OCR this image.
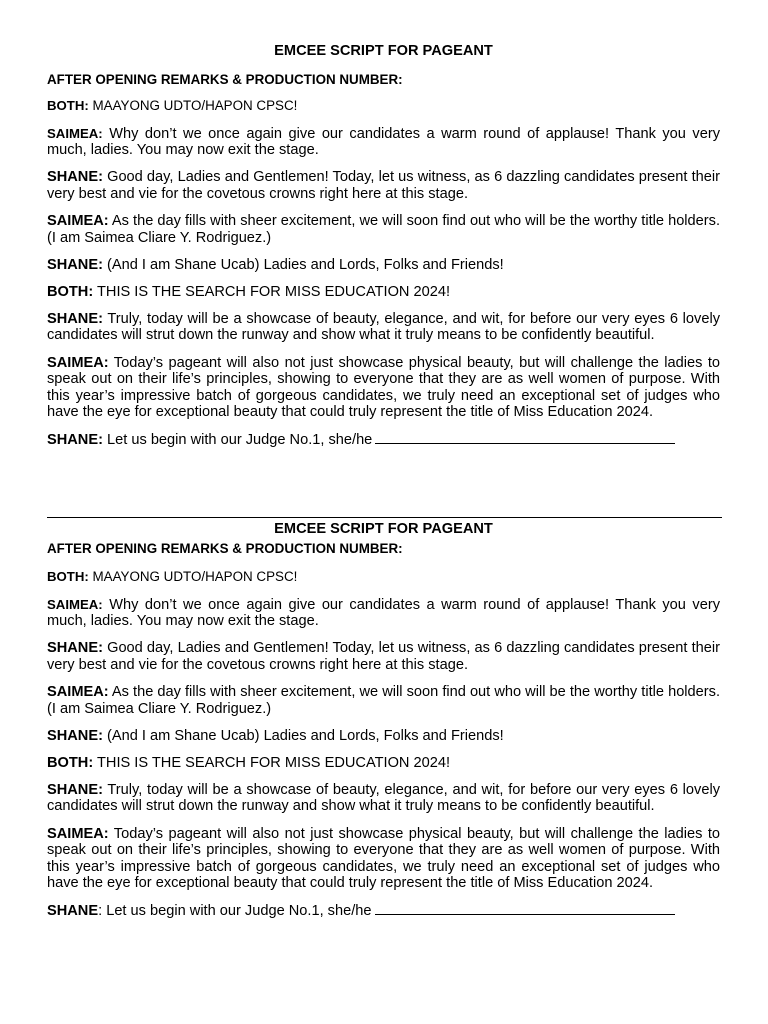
EMCEE SCRIPT FOR PAGEANT
AFTER OPENING REMARKS & PRODUCTION NUMBER:

BOTH: MAAYONG UDTO/HAPON CPSC!

SAIMEA: Why don’t we once again give our candidates a warm round of applause! Thank you very much, ladies. You may now exit the stage.

SHANE: Good day, Ladies and Gentlemen! Today, let us witness, as 6 dazzling candidates present their very best and vie for the covetous crowns right here at this stage.

SAIMEA: As the day fills with sheer excitement, we will soon find out who will be the worthy title holders. (I am Saimea Cliare Y. Rodriguez.)

SHANE: (And I am Shane Ucab) Ladies and Lords, Folks and Friends!

BOTH: THIS IS THE SEARCH FOR MISS EDUCATION 2024!

SHANE: Truly, today will be a showcase of beauty, elegance, and wit, for before our very eyes 6 lovely candidates will strut down the runway and show what it truly means to be confidently beautiful.

SAIMEA: Today’s pageant will also not just showcase physical beauty, but will challenge the ladies to speak out on their life’s principles, showing to everyone that they are as well women of purpose. With this year’s impressive batch of gorgeous candidates, we truly need an exceptional set of judges who have the eye for exceptional beauty that could truly represent the title of Miss Education 2024.

SHANE: Let us begin with our Judge No.1, she/he

EMCEE SCRIPT FOR PAGEANT
AFTER OPENING REMARKS & PRODUCTION NUMBER:

BOTH: MAAYONG UDTO/HAPON CPSC!

SAIMEA: Why don’t we once again give our candidates a warm round of applause! Thank you very much, ladies. You may now exit the stage.

SHANE: Good day, Ladies and Gentlemen! Today, let us witness, as 6 dazzling candidates present their very best and vie for the covetous crowns right here at this stage.

SAIMEA: As the day fills with sheer excitement, we will soon find out who will be the worthy title holders. (I am Saimea Cliare Y. Rodriguez.)

SHANE: (And I am Shane Ucab) Ladies and Lords, Folks and Friends!

BOTH: THIS IS THE SEARCH FOR MISS EDUCATION 2024!

SHANE: Truly, today will be a showcase of beauty, elegance, and wit, for before our very eyes 6 lovely candidates will strut down the runway and show what it truly means to be confidently beautiful.

SAIMEA: Today’s pageant will also not just showcase physical beauty, but will challenge the ladies to speak out on their life’s principles, showing to everyone that they are as well women of purpose. With this year’s impressive batch of gorgeous candidates, we truly need an exceptional set of judges who have the eye for exceptional beauty that could truly represent the title of Miss Education 2024.

SHANE: Let us begin with our Judge No.1, she/he
